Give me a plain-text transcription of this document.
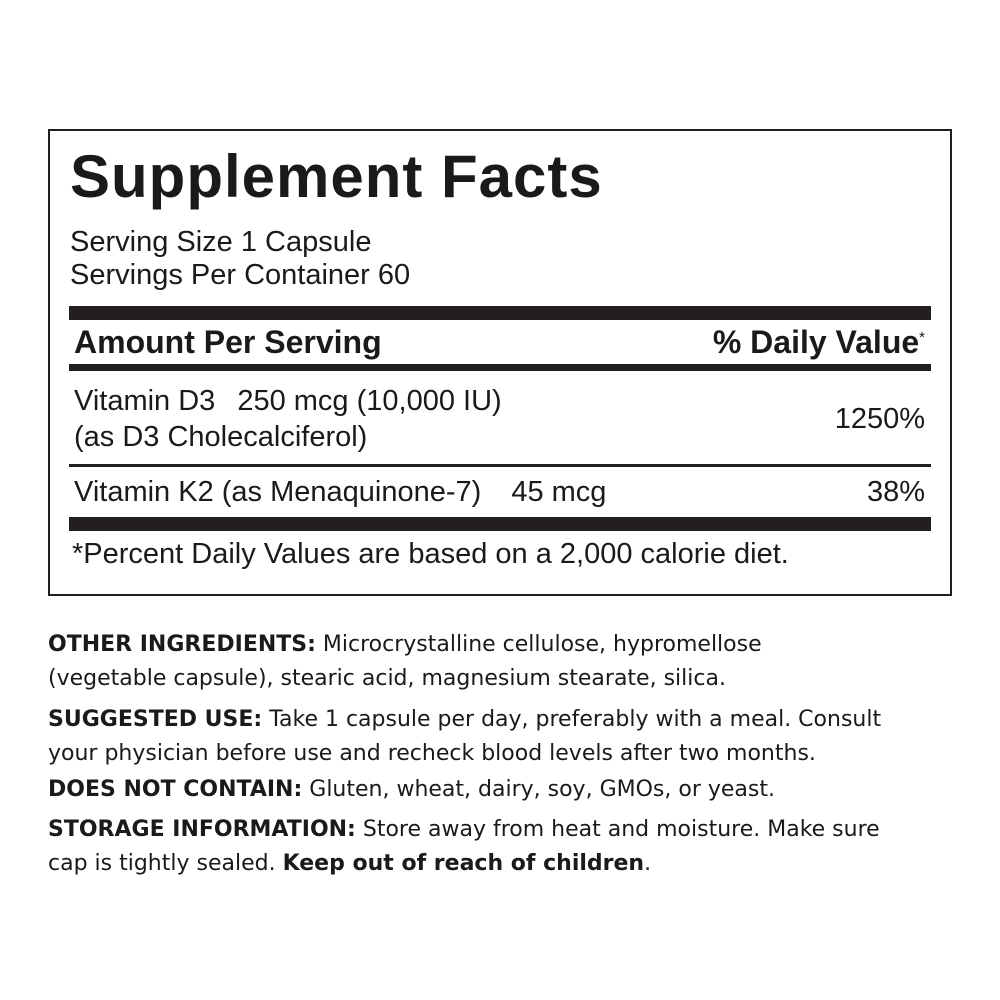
Supplement Facts
Serving Size 1 Capsule
Servings Per Container 60
Amount Per Serving	% Daily Value*
Vitamin D3 250 mcg (10,000 IU)
(as D3 Cholecalciferol)
1250%
Vitamin K2 (as Menaquinone-7) 45 mcg	38%
*Percent Daily Values are based on a 2,000 calorie diet.
OTHER INGREDIENTS: Microcrystalline cellulose, hypromellose
(vegetable capsule), stearic acid, magnesium stearate, silica.
SUGGESTED USE: Take 1 capsule per day, preferably with a meal. Consult
your physician before use and recheck blood levels after two months.
DOES NOT CONTAIN: Gluten, wheat, dairy, soy, GMOs, or yeast.
STORAGE INFORMATION: Store away from heat and moisture. Make sure
cap is tightly sealed. Keep out of reach of children.
